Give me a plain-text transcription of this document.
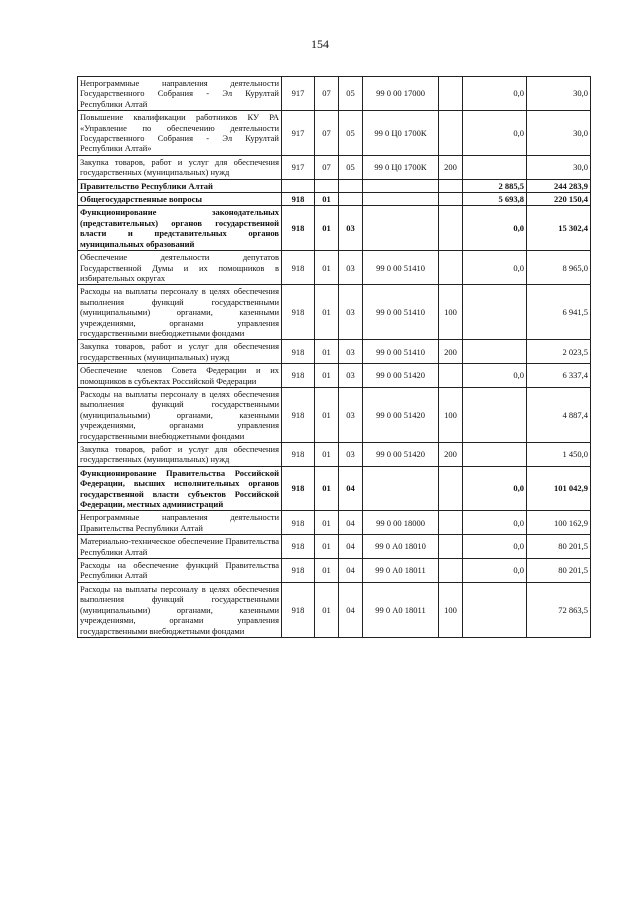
154
Непрограммные направления деятельности Государственного Собрания - Эл Курултай Республики Алтай	917	07	05	99 0 00 17000		0,0	30,0
Повышение квалификации работников КУ РА «Управление по обеспечению деятельности Государственного Собрания - Эл Курултай Республики Алтай»	917	07	05	99 0 Ц0 1700К		0,0	30,0
Закупка товаров, работ и услуг для обеспечения государственных (муниципальных) нужд	917	07	05	99 0 Ц0 1700К	200		30,0
Правительство Республики Алтай						2 885,5	244 283,9
Общегосударственные вопросы	918	01				5 693,8	220 150,4
Функционирование законодательных (представительных) органов государственной власти и представительных органов муниципальных образований	918	01	03			0,0	15 302,4
Обеспечение деятельности депутатов Государственной Думы и их помощников в избирательных округах	918	01	03	99 0 00 51410		0,0	8 965,0
Расходы на выплаты персоналу в целях обеспечения выполнения функций государственными (муниципальными) органами, казенными учреждениями, органами управления государственными внебюджетными фондами	918	01	03	99 0 00 51410	100		6 941,5
Закупка товаров, работ и услуг для обеспечения государственных (муниципальных) нужд	918	01	03	99 0 00 51410	200		2 023,5
Обеспечение членов Совета Федерации и их помощников в субъектах Российской Федерации	918	01	03	99 0 00 51420		0,0	6 337,4
Расходы на выплаты персоналу в целях обеспечения выполнения функций государственными (муниципальными) органами, казенными учреждениями, органами управления государственными внебюджетными фондами	918	01	03	99 0 00 51420	100		4 887,4
Закупка товаров, работ и услуг для обеспечения государственных (муниципальных) нужд	918	01	03	99 0 00 51420	200		1 450,0
Функционирование Правительства Российской Федерации, высших исполнительных органов государственной власти субъектов Российской Федерации, местных администраций	918	01	04			0,0	101 042,9
Непрограммные направления деятельности Правительства Республики Алтай	918	01	04	99 0 00 18000		0,0	100 162,9
Материально-техническое обеспечение Правительства Республики Алтай	918	01	04	99 0 А0 18010		0,0	80 201,5
Расходы на обеспечение функций Правительства Республики Алтай	918	01	04	99 0 А0 18011		0,0	80 201,5
Расходы на выплаты персоналу в целях обеспечения выполнения функций государственными (муниципальными) органами, казенными учреждениями, органами управления государственными внебюджетными фондами	918	01	04	99 0 А0 18011	100		72 863,5
